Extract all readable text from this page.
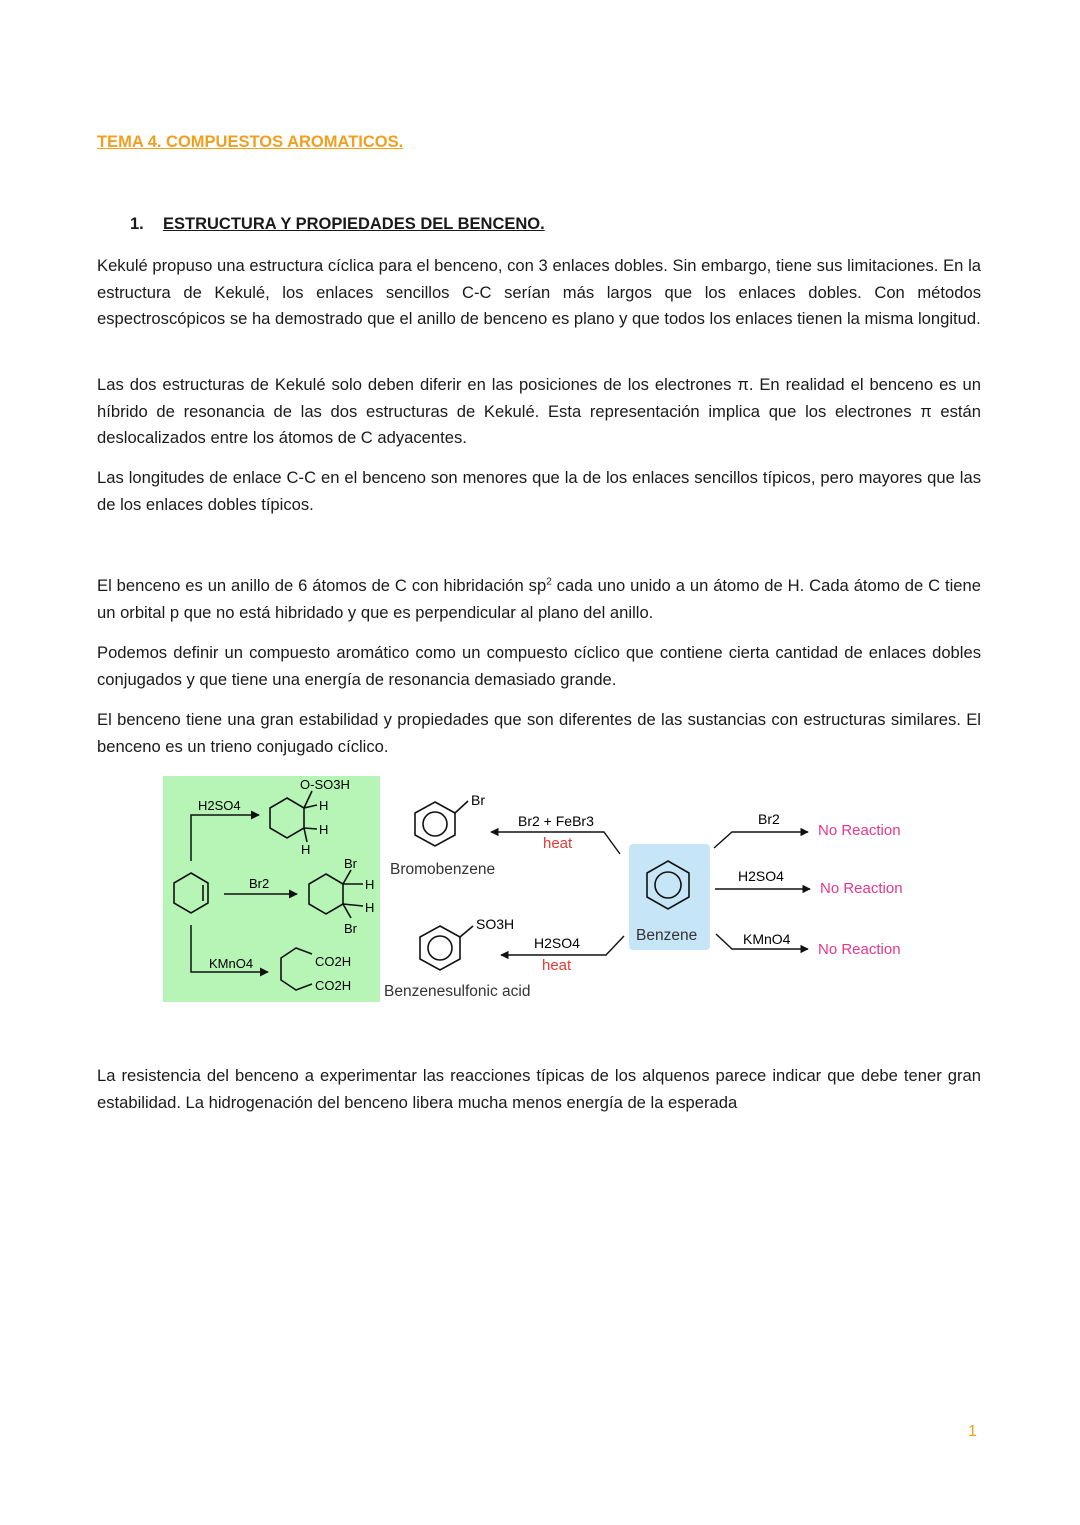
TEMA 4. COMPUESTOS AROMATICOS.

1. ESTRUCTURA Y PROPIEDADES DEL BENCENO.

Kekulé propuso una estructura cíclica para el benceno, con 3 enlaces dobles. Sin embargo, tiene sus limitaciones. En la estructura de Kekulé, los enlaces sencillos C-C serían más largos que los enlaces dobles. Con métodos espectroscópicos se ha demostrado que el anillo de benceno es plano y que todos los enlaces tienen la misma longitud.

Las dos estructuras de Kekulé solo deben diferir en las posiciones de los electrones π. En realidad el benceno es un híbrido de resonancia de las dos estructuras de Kekulé. Esta representación implica que los electrones π están deslocalizados entre los átomos de C adyacentes.

Las longitudes de enlace C-C en el benceno son menores que la de los enlaces sencillos típicos, pero mayores que las de los enlaces dobles típicos.

El benceno es un anillo de 6 átomos de C con hibridación $sp^2$ cada uno unido a un átomo de H. Cada átomo de C tiene un orbital p que no está hibridado y que es perpendicular al plano del anillo.

Podemos definir un compuesto aromático como un compuesto cíclico que contiene cierta cantidad de enlaces dobles conjugados y que tiene una energía de resonancia demasiado grande.

El benceno tiene una gran estabilidad y propiedades que son diferentes de las sustancias con estructuras similares. El benceno es un trieno conjugado cíclico.

H2SO4
Br2
KMnO4
O-SO3H
H
H
H
Br
H
H
Br
CO2H
CO2H
Br
Bromobenzene
SO3H
Benzenesulfonic acid
Br2 + FeBr3
heat
H2SO4
heat
Benzene
Br2
No Reaction
H2SO4
No Reaction
KMnO4
No Reaction

La resistencia del benceno a experimentar las reacciones típicas de los alquenos parece indicar que debe tener gran estabilidad. La hidrogenación del benceno libera mucha menos energía de la esperada

1
